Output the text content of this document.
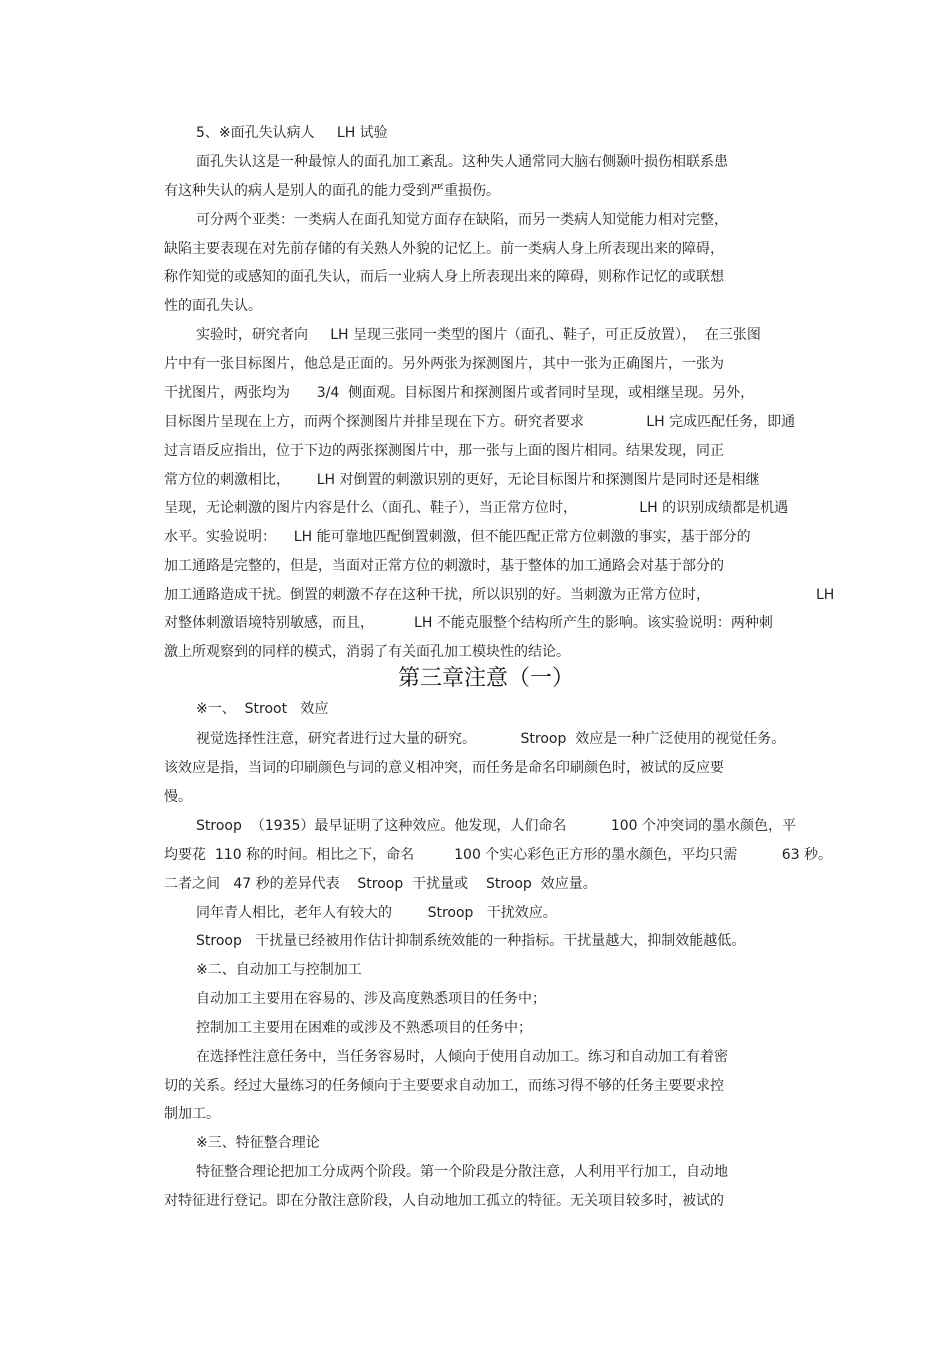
5、※面孔失认病人     LH 试验
面孔失认这是一种最惊人的面孔加工紊乱。这种失人通常同大脑右侧颞叶损伤相联系患
有这种失认的病人是别人的面孔的能力受到严重损伤。
可分两个亚类：一类病人在面孔知觉方面存在缺陷，而另一类病人知觉能力相对完整，
缺陷主要表现在对先前存储的有关熟人外貌的记忆上。前一类病人身上所表现出来的障碍，
称作知觉的或感知的面孔失认，而后一业病人身上所表现出来的障碍，则称作记忆的或联想
性的面孔失认。
实验时，研究者向     LH 呈现三张同一类型的图片（面孔、鞋子，可正反放置），  在三张图
片中有一张目标图片，他总是正面的。另外两张为探测图片，其中一张为正确图片，一张为
干扰图片，两张均为      3/4  侧面观。目标图片和探测图片或者同时呈现，或相继呈现。另外，
目标图片呈现在上方，而两个探测图片并排呈现在下方。研究者要求              LH 完成匹配任务，即通
过言语反应指出，位于下边的两张探测图片中，那一张与上面的图片相同。结果发现，同正
常方位的刺激相比，      LH 对倒置的刺激识别的更好，无论目标图片和探测图片是同时还是相继
呈现，无论刺激的图片内容是什么（面孔、鞋子），当正常方位时，              LH 的识别成绩都是机遇
水平。实验说明：    LH 能可靠地匹配倒置刺激，但不能匹配正常方位刺激的事实，基于部分的
加工通路是完整的，但是，当面对正常方位的刺激时，基于整体的加工通路会对基于部分的
加工通路造成干扰。倒置的刺激不存在这种干扰，所以识别的好。当刺激为正常方位时，	LH
对整体刺激语境特别敏感，而且，         LH 不能克服整个结构所产生的影响。该实验说明：两种刺
激上所观察到的同样的模式，消弱了有关面孔加工模块性的结论。
第三章注意（一）
※一、  Stroot   效应
视觉选择性注意，研究者进行过大量的研究。          Stroop  效应是一种广泛使用的视觉任务。
该效应是指，当词的印刷颜色与词的意义相冲突，而任务是命名印刷颜色时，被试的反应要
慢。
Stroop  （1935）最早证明了这种效应。他发现，人们命名          100 个冲突词的墨水颜色，平
均要花  110 称的时间。相比之下，命名         100 个实心彩色正方形的墨水颜色，平均只需          63 秒。
二者之间   47 秒的差异代表    Stroop  干扰量或    Stroop  效应量。
同年青人相比，老年人有较大的        Stroop   干扰效应。
Stroop   干扰量已经被用作估计抑制系统效能的一种指标。干扰量越大，抑制效能越低。
※二、自动加工与控制加工
自动加工主要用在容易的、涉及高度熟悉项目的任务中；
控制加工主要用在困难的或涉及不熟悉项目的任务中；
在选择性注意任务中，当任务容易时，人倾向于使用自动加工。练习和自动加工有着密
切的关系。经过大量练习的任务倾向于主要要求自动加工，而练习得不够的任务主要要求控
制加工。
※三、特征整合理论
特征整合理论把加工分成两个阶段。第一个阶段是分散注意，人利用平行加工，自动地
对特征进行登记。即在分散注意阶段，人自动地加工孤立的特征。无关项目较多时，被试的
